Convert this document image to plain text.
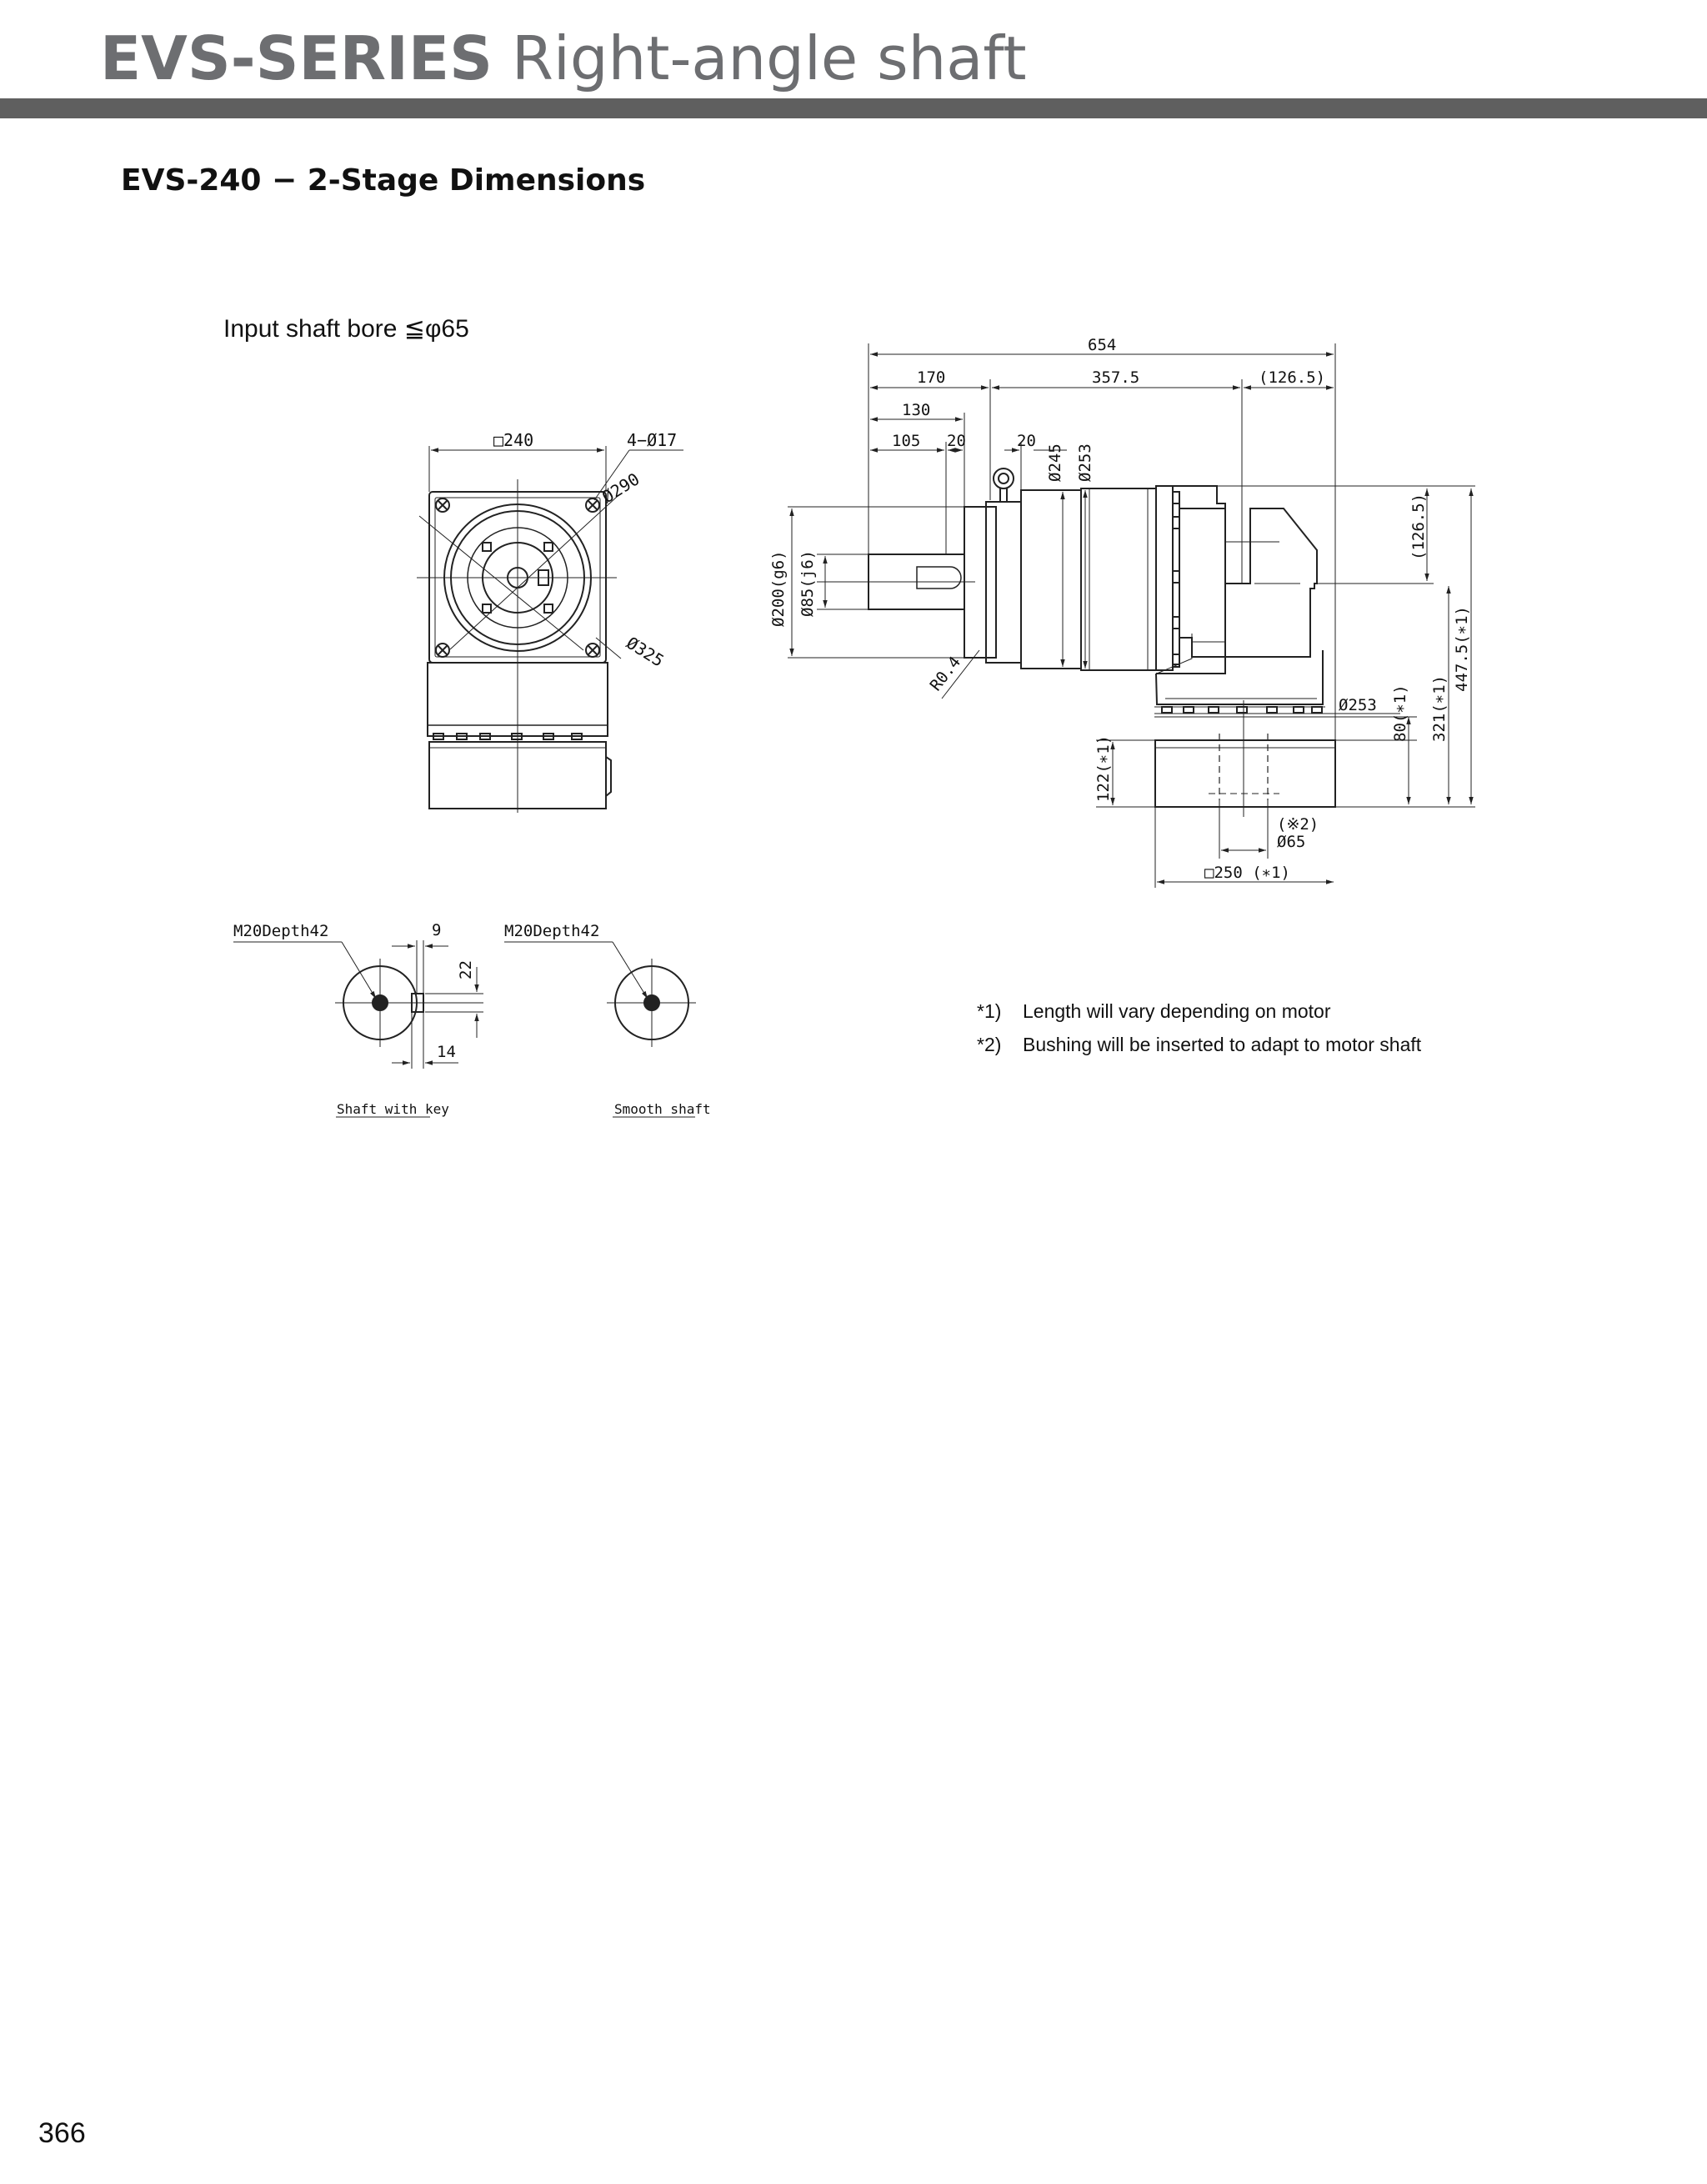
EVS-SERIES Right-angle shaft
EVS-240 − 2-Stage Dimensions
Input shaft bore ≦φ65
□240	4−Ø17
Ø290
Ø325
654
170	357.5	(126.5)
130
105 20	20
Ø245 Ø253
Ø200(g6) Ø85(j6)
R0.4
(126.5)
321(∗1)
447.5(∗1)
80(∗1)
Ø253
122(∗1)
(※2)
Ø65
□250 (∗1)
M20Depth42	9
22
14
Shaft with key
M20Depth42
Smooth shaft
*1)	Length will vary depending on motor
*2)	Bushing will be inserted to adapt to motor shaft
366
